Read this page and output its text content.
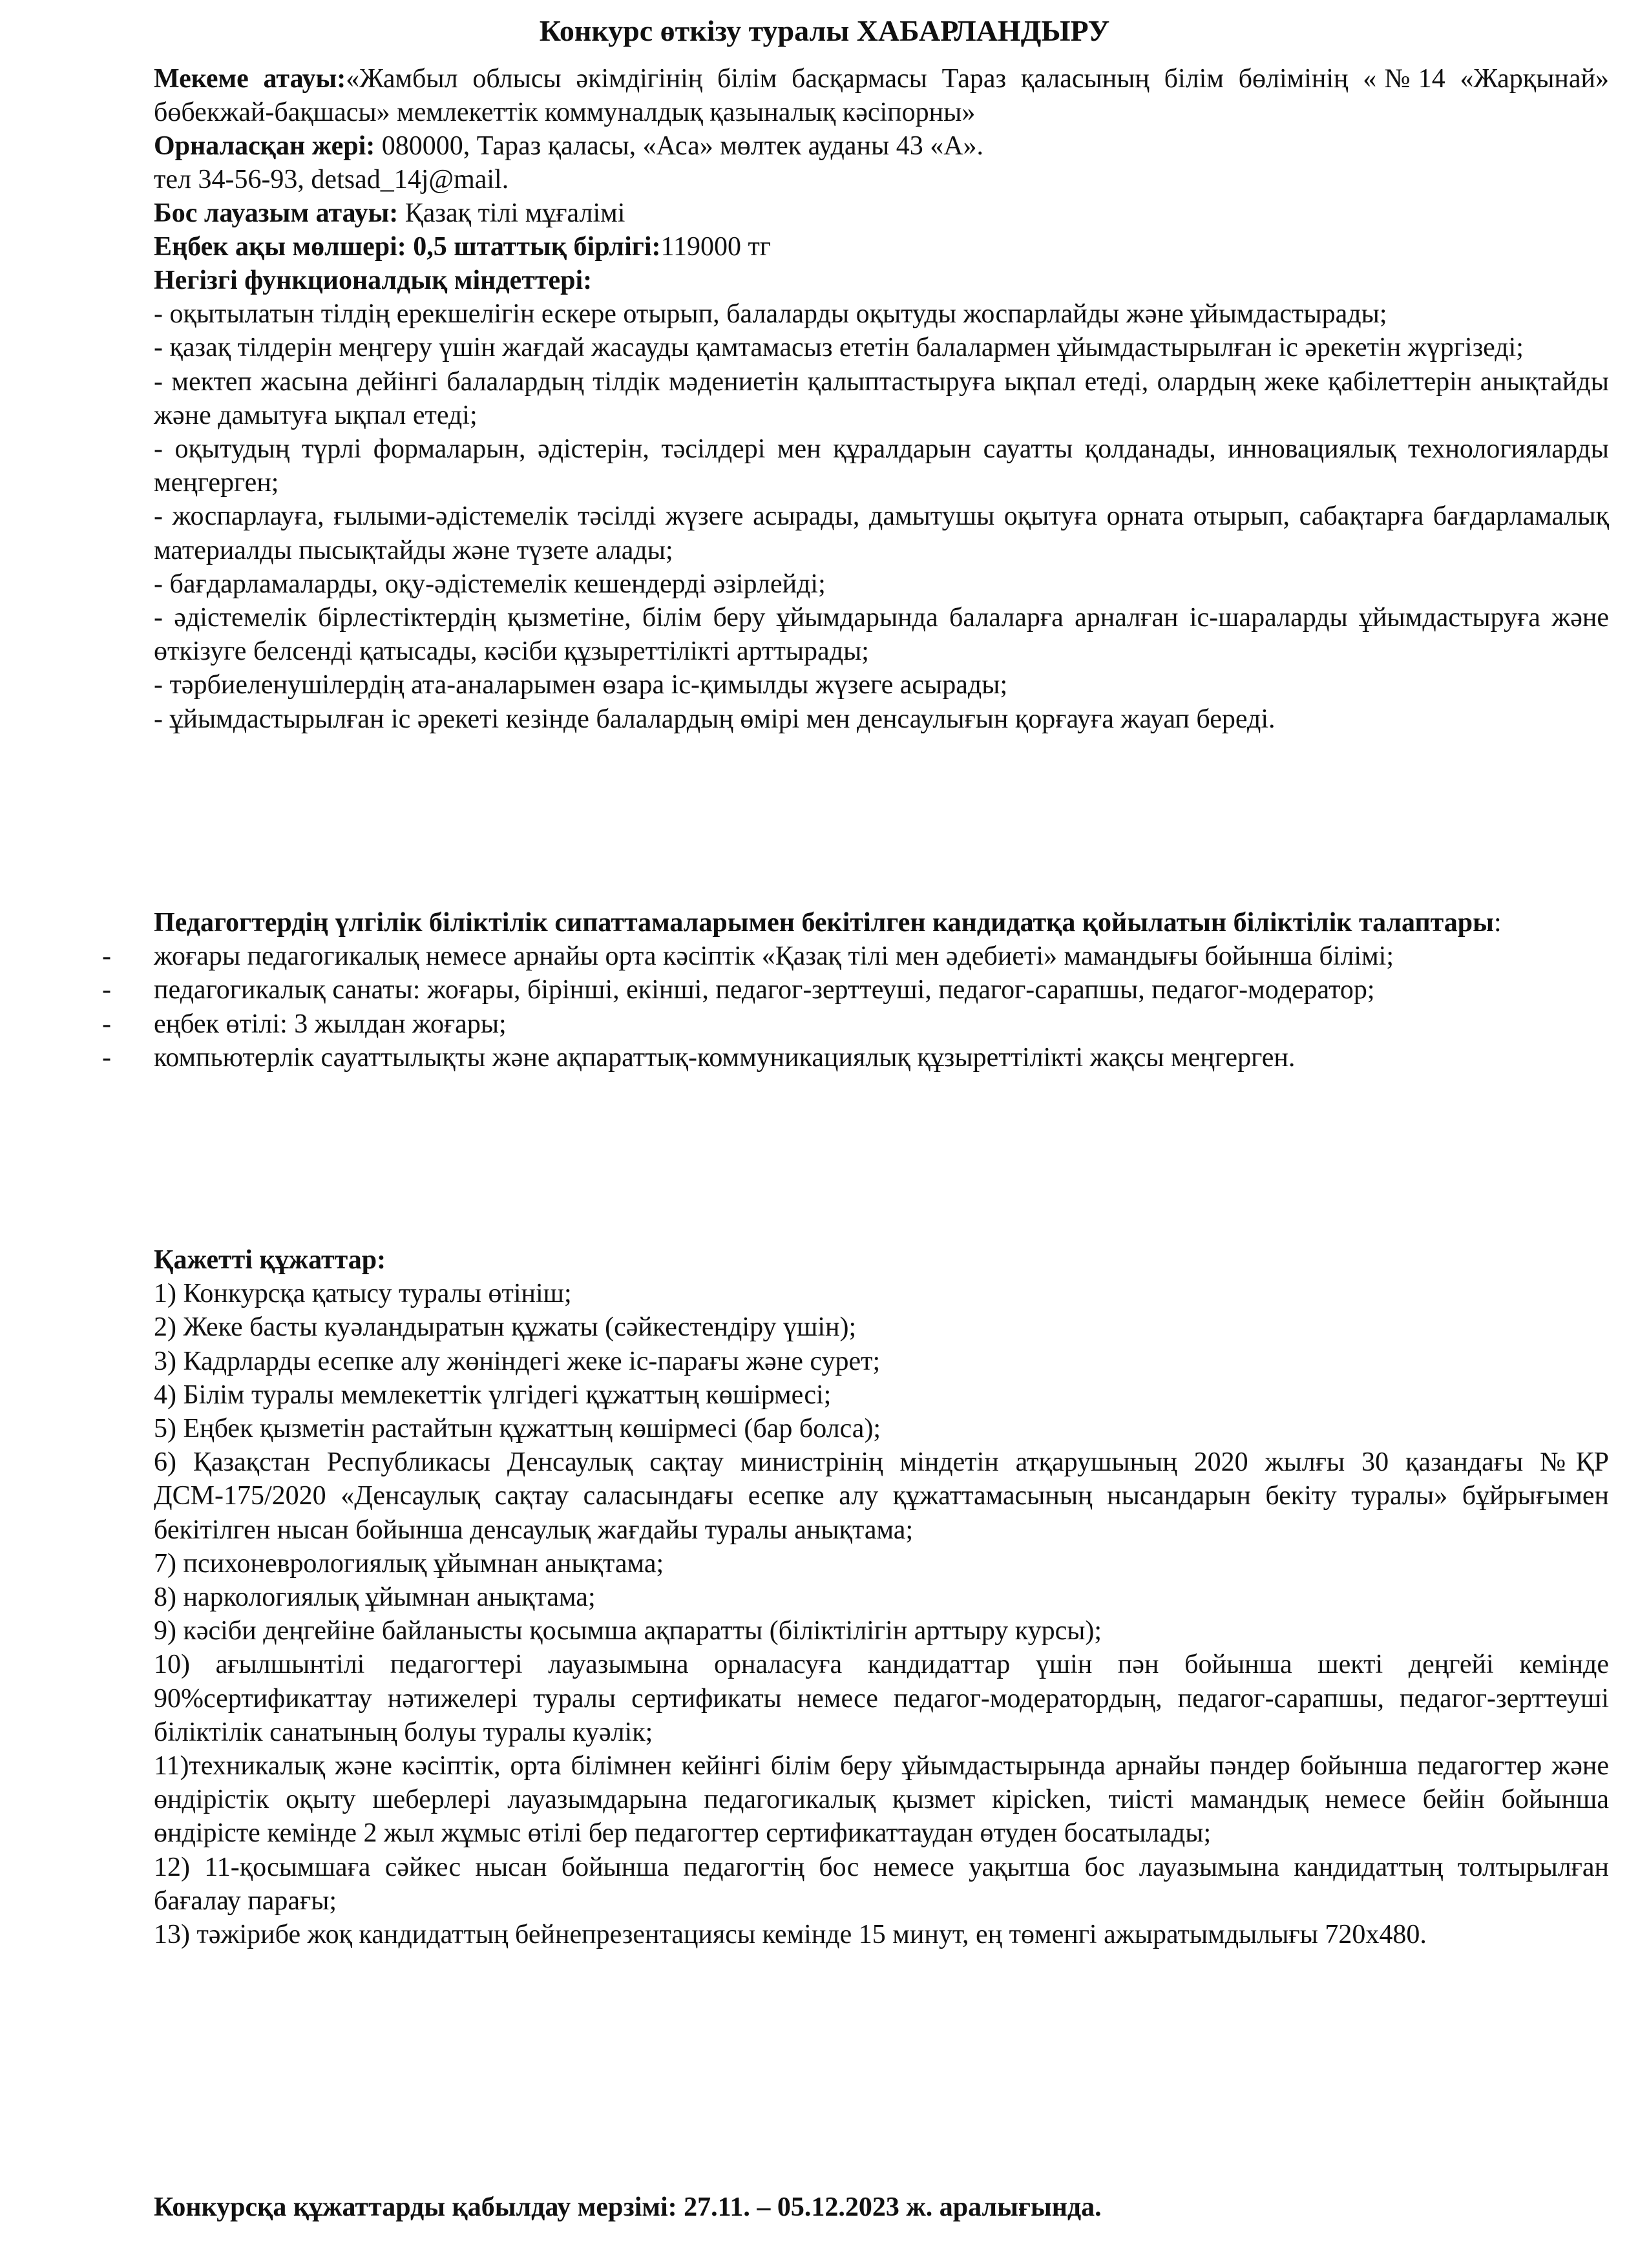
Конкурс өткізу туралы ХАБАРЛАНДЫРУ
Мекеме атауы:«Жамбыл облысы әкімдігінің білім басқармасы Тараз қаласының білім бөлімінің «№14 «Жарқынай» бөбекжай-бақшасы» мемлекеттік коммуналдық қазыналық кәсіпорны»
Орналасқан жері: 080000, Тараз қаласы, «Аса» мөлтек ауданы 43 «А».
тел 34-56-93, detsad_14j@mail.
Бос лауазым атауы: Қазақ тілі мұғалімі
Еңбек ақы мөлшері: 0,5 штаттық бірлігі:119000 тг
Негізгі функционалдық міндеттері:
- оқытылатын тілдің ерекшелігін ескере отырып, балаларды оқытуды жоспарлайды және ұйымдастырады;
- қазақ тілдерін меңгеру үшін жағдай жасауды қамтамасыз ететін балалармен ұйымдастырылған іс әрекетін жүргізеді;
- мектеп жасына дейінгі балалардың тілдік мәдениетін қалыптастыруға ықпал етеді, олардың жеке қабілеттерін анықтайды және дамытуға ықпал етеді;
- оқытудың түрлі формаларын, әдістерін, тәсілдері мен құралдарын сауатты қолданады, инновациялық технологияларды меңгерген;
- жоспарлауға, ғылыми-әдістемелік тәсілді жүзеге асырады, дамытушы оқытуға орната отырып, сабақтарға бағдарламалық материалды пысықтайды және түзете алады;
- бағдарламаларды, оқу-әдістемелік кешендерді әзірлейді;
- әдістемелік бірлестіктердің қызметіне, білім беру ұйымдарында балаларға арналған іс-шараларды ұйымдастыруға және өткізуге белсенді қатысады, кәсіби құзыреттілікті арттырады;
- тәрбиеленушілердің ата-аналарымен өзара іс-қимылды жүзеге асырады;
- ұйымдастырылған іс әрекеті кезінде балалардың өмірі мен денсаулығын қорғауға жауап береді.
Педагогтердің үлгілік біліктілік сипаттамаларымен бекітілген кандидатқа қойылатын біліктілік талаптары:
- жоғары педагогикалық немесе арнайы орта кәсіптік «Қазақ тілі мен әдебиеті» мамандығы бойынша білімі;
- педагогикалық санаты: жоғары, бірінші, екінші, педагог-зерттеуші, педагог-сарапшы, педагог-модератор;
- еңбек өтілі: 3 жылдан жоғары;
- компьютерлік сауаттылықты және ақпараттық-коммуникациялық құзыреттілікті жақсы меңгерген.
Қажетті құжаттар:
1) Конкурсқа қатысу туралы өтініш;
2) Жеке басты куәландыратын құжаты (сәйкестендіру үшін);
3) Кадрларды есепке алу жөніндегі жеке іс-парағы және сурет;
4) Білім туралы мемлекеттік үлгідегі құжаттың көшірмесі;
5) Еңбек қызметін растайтын құжаттың көшірмесі (бар болса);
6) Қазақстан Республикасы Денсаулық сақтау министрінің міндетін атқарушының 2020 жылғы 30 қазандағы №ҚР ДСМ-175/2020 «Денсаулық сақтау саласындағы есепке алу құжаттамасының нысандарын бекіту туралы» бұйрығымен бекітілген нысан бойынша денсаулық жағдайы туралы анықтама;
7) психоневрологиялық ұйымнан анықтама;
8) наркологиялық ұйымнан анықтама;
9) кәсіби деңгейіне байланысты қосымша ақпаратты (біліктілігін арттыру курсы);
10) ағылшынтілі педагогтері лауазымына орналасуға кандидаттар үшін пән бойынша шекті деңгейі кемінде 90%сертификаттау нәтижелері туралы сертификаты немесе педагог-модератордың, педагог-сарапшы, педагог-зерттеуші біліктілік санатының болуы туралы куәлік;
11)техникалық және кәсіптік, орта білімнен кейінгі білім беру ұйымдастырында арнайы пәндер бойынша педагогтер және өндірістік оқыту шеберлері лауазымдарына педагогикалық қызмет кірісken, тиісті мамандық немесе бейін бойынша өндірісте кемінде 2 жыл жұмыс өтілі бер педагогтер сертификаттаудан өтуден босатылады;
12) 11-қосымшаға сәйкес нысан бойынша педагогтің бос немесе уақытша бос лауазымына кандидаттың толтырылған бағалау парағы;
13) тәжірибе жоқ кандидаттың бейнепрезентациясы кемінде 15 минут, ең төменгі ажыратымдылығы 720х480.
Конкурсқа құжаттарды қабылдау мерзімі: 27.11. – 05.12.2023 ж. аралығында.
